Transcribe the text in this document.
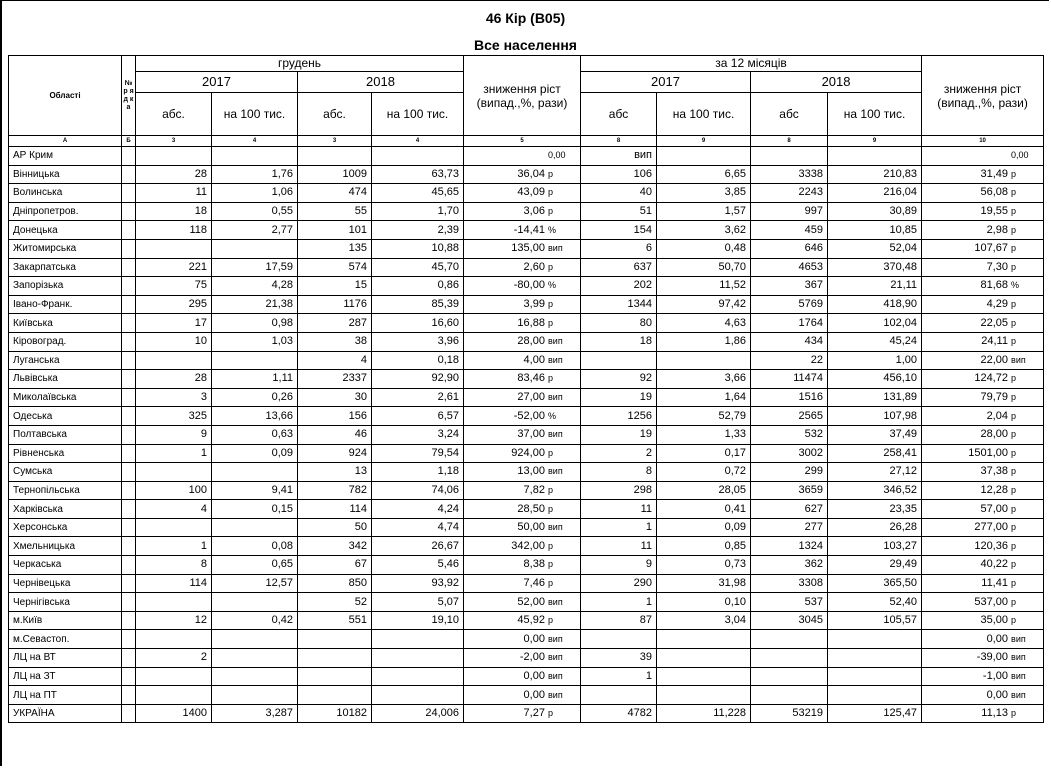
46 Кір (В05)
Все населення
Області	№ р я д к а	грудень				зниження ріст (випад.,%, рази)	за 12 місяців				зниження ріст (випад.,%, рази)
		2017		2018			2017		2018		
		абс.	на 100 тис.	абс.	на 100 тис.		абс	на 100 тис.	абс	на 100 тис.	
А	Б	3	4	3	4	5	8	9	8	9	10
АР Крим						0,00	вип				0,00
Вінницька		28	1,76	1009	63,73	36,04 р	106	6,65	3338	210,83	31,49 р
Волинська		11	1,06	474	45,65	43,09 р	40	3,85	2243	216,04	56,08 р
Дніпропетров.		18	0,55	55	1,70	3,06 р	51	1,57	997	30,89	19,55 р
Донецька		118	2,77	101	2,39	-14,41 %	154	3,62	459	10,85	2,98 р
Житомирська				135	10,88	135,00 вип	6	0,48	646	52,04	107,67 р
Закарпатська		221	17,59	574	45,70	2,60 р	637	50,70	4653	370,48	7,30 р
Запорізька		75	4,28	15	0,86	-80,00 %	202	11,52	367	21,11	81,68 %
Івано-Франк.		295	21,38	1176	85,39	3,99 р	1344	97,42	5769	418,90	4,29 р
Київська		17	0,98	287	16,60	16,88 р	80	4,63	1764	102,04	22,05 р
Кіровоград.		10	1,03	38	3,96	28,00 вип	18	1,86	434	45,24	24,11 р
Луганська				4	0,18	4,00 вип			22	1,00	22,00 вип
Львівська		28	1,11	2337	92,90	83,46 р	92	3,66	11474	456,10	124,72 р
Миколаївська		3	0,26	30	2,61	27,00 вип	19	1,64	1516	131,89	79,79 р
Одеська		325	13,66	156	6,57	-52,00 %	1256	52,79	2565	107,98	2,04 р
Полтавська		9	0,63	46	3,24	37,00 вип	19	1,33	532	37,49	28,00 р
Рівненська		1	0,09	924	79,54	924,00 р	2	0,17	3002	258,41	1501,00 р
Сумська				13	1,18	13,00 вип	8	0,72	299	27,12	37,38 р
Тернопільська		100	9,41	782	74,06	7,82 р	298	28,05	3659	346,52	12,28 р
Харківська		4	0,15	114	4,24	28,50 р	11	0,41	627	23,35	57,00 р
Херсонська				50	4,74	50,00 вип	1	0,09	277	26,28	277,00 р
Хмельницька		1	0,08	342	26,67	342,00 р	11	0,85	1324	103,27	120,36 р
Черкаська		8	0,65	67	5,46	8,38 р	9	0,73	362	29,49	40,22 р
Чернівецька		114	12,57	850	93,92	7,46 р	290	31,98	3308	365,50	11,41 р
Чернігівська				52	5,07	52,00 вип	1	0,10	537	52,40	537,00 р
м.Київ		12	0,42	551	19,10	45,92 р	87	3,04	3045	105,57	35,00 р
м.Севастоп.						0,00 вип					0,00 вип
ЛЦ на ВТ		2				-2,00 вип	39				-39,00 вип
ЛЦ на ЗТ						0,00 вип	1				-1,00 вип
ЛЦ на ПТ						0,00 вип					0,00 вип
УКРАЇНА		1400	3,287	10182	24,006	7,27 р	4782	11,228	53219	125,47	11,13 р
